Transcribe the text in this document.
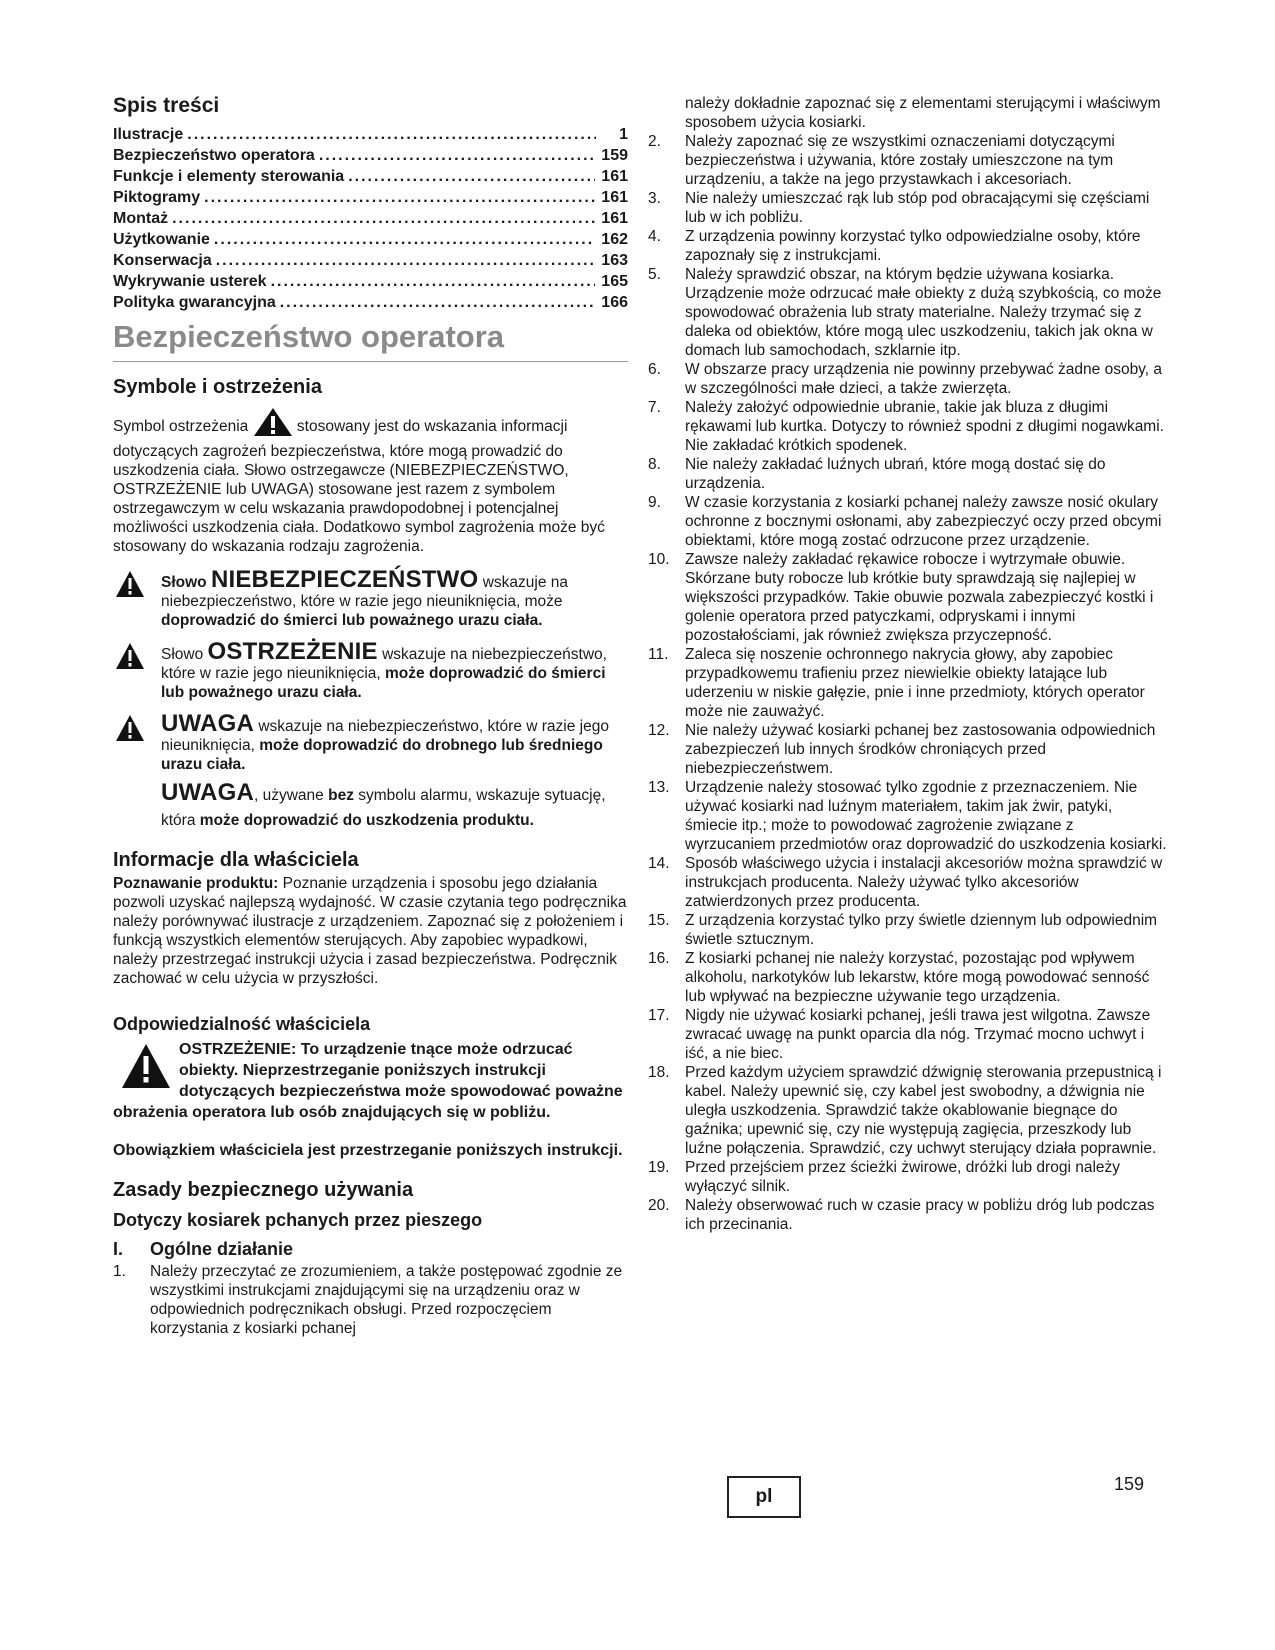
Spis treści
Ilustracje .....	1
Bezpieczeństwo operatora .....	159
Funkcje i elementy sterowania .....	161
Piktogramy .....	161
Montaż .....	161
Użytkowanie .....	162
Konserwacja .....	163
Wykrywanie usterek .....	165
Polityka gwarancyjna .....	166
Bezpieczeństwo operatora
Symbole i ostrzeżenia

Symbol ostrzeżenia	stosowany jest do wskazania informacji dotyczących zagrożeń bezpieczeństwa, które mogą prowadzić do uszkodzenia ciała. Słowo ostrzegawcze (NIEBEZPIECZEŃSTWO, OSTRZEŻENIE lub UWAGA) stosowane jest razem z symbolem ostrzegawczym w celu wskazania prawdopodobnej i potencjalnej możliwości uszkodzenia ciała. Dodatkowo symbol zagrożenia może być stosowany do wskazania rodzaju zagrożenia.

Słowo NIEBEZPIECZEŃSTWO wskazuje na niebezpieczeństwo, które w razie jego nieuniknięcia, może doprowadzić do śmierci lub poważnego urazu ciała.
Słowo OSTRZEŻENIE wskazuje na niebezpieczeństwo, które w razie jego nieuniknięcia, może doprowadzić do śmierci lub poważnego urazu ciała.
UWAGA wskazuje na niebezpieczeństwo, które w razie jego nieuniknięcia, może doprowadzić do drobnego lub średniego urazu ciała.
UWAGA, używane bez symbolu alarmu, wskazuje sytuację, która może doprowadzić do uszkodzenia produktu.
Informacje dla właściciela

Poznawanie produktu: Poznanie urządzenia i sposobu jego działania pozwoli uzyskać najlepszą wydajność. W czasie czytania tego podręcznika należy porównywać ilustracje z urządzeniem. Zapoznać się z położeniem i funkcją wszystkich elementów sterujących. Aby zapobiec wypadkowi, należy przestrzegać instrukcji użycia i zasad bezpieczeństwa. Podręcznik zachować w celu użycia w przyszłości.

Odpowiedzialność właściciela
OSTRZEŻENIE: To urządzenie tnące może odrzucać obiekty. Nieprzestrzeganie poniższych instrukcji dotyczących bezpieczeństwa może spowodować poważne obrażenia operatora lub osób znajdujących się w pobliżu.

Obowiązkiem właściciela jest przestrzeganie poniższych instrukcji.

Zasady bezpiecznego używania
Dotyczy kosiarek pchanych przez pieszego
I. Ogólne działanie
1.	Należy przeczytać ze zrozumieniem, a także postępować zgodnie ze wszystkimi instrukcjami znajdującymi się na urządzeniu oraz w odpowiednich podręcznikach obsługi. Przed rozpoczęciem korzystania z kosiarki pchanej
należy dokładnie zapoznać się z elementami sterującymi i właściwym sposobem użycia kosiarki.
2.	Należy zapoznać się ze wszystkimi oznaczeniami dotyczącymi bezpieczeństwa i używania, które zostały umieszczone na tym urządzeniu, a także na jego przystawkach i akcesoriach.
3.	Nie należy umieszczać rąk lub stóp pod obracającymi się częściami lub w ich pobliżu.
4.	Z urządzenia powinny korzystać tylko odpowiedzialne osoby, które zapoznały się z instrukcjami.
5.	Należy sprawdzić obszar, na którym będzie używana kosiarka. Urządzenie może odrzucać małe obiekty z dużą szybkością, co może spowodować obrażenia lub straty materialne. Należy trzymać się z daleka od obiektów, które mogą ulec uszkodzeniu, takich jak okna w domach lub samochodach, szklarnie itp.
6.	W obszarze pracy urządzenia nie powinny przebywać żadne osoby, a w szczególności małe dzieci, a także zwierzęta.
7.	Należy założyć odpowiednie ubranie, takie jak bluza z długimi rękawami lub kurtka. Dotyczy to również spodni z długimi nogawkami. Nie zakładać krótkich spodenek.
8.	Nie należy zakładać luźnych ubrań, które mogą dostać się do urządzenia.
9.	W czasie korzystania z kosiarki pchanej należy zawsze nosić okulary ochronne z bocznymi osłonami, aby zabezpieczyć oczy przed obcymi obiektami, które mogą zostać odrzucone przez urządzenie.
10. Zawsze należy zakładać rękawice robocze i wytrzymałe obuwie. Skórzane buty robocze lub krótkie buty sprawdzają się najlepiej w większości przypadków. Takie obuwie pozwala zabezpieczyć kostki i golenie operatora przed patyczkami, odpryskami i innymi pozostałościami, jak również zwiększa przyczepność.
11.	Zaleca się noszenie ochronnego nakrycia głowy, aby zapobiec przypadkowemu trafieniu przez niewielkie obiekty latające lub uderzeniu w niskie gałęzie, pnie i inne przedmioty, których operator może nie zauważyć.
12. Nie należy używać kosiarki pchanej bez zastosowania odpowiednich zabezpieczeń lub innych środków chroniących przed niebezpieczeństwem.
13. Urządzenie należy stosować tylko zgodnie z przeznaczeniem. Nie używać kosiarki nad luźnym materiałem, takim jak żwir, patyki, śmiecie itp.; może to powodować zagrożenie związane z wyrzucaniem przedmiotów oraz doprowadzić do uszkodzenia kosiarki.
14. Sposób właściwego użycia i instalacji akcesoriów można sprawdzić w instrukcjach producenta. Należy używać tylko akcesoriów zatwierdzonych przez producenta.
15. Z urządzenia korzystać tylko przy świetle dziennym lub odpowiednim świetle sztucznym.
16. Z kosiarki pchanej nie należy korzystać, pozostając pod wpływem alkoholu, narkotyków lub lekarstw, które mogą powodować senność lub wpływać na bezpieczne używanie tego urządzenia.
17. Nigdy nie używać kosiarki pchanej, jeśli trawa jest wilgotna. Zawsze zwracać uwagę na punkt oparcia dla nóg. Trzymać mocno uchwyt i iść, a nie biec.
18. Przed każdym użyciem sprawdzić dźwignię sterowania przepustnicą i kabel. Należy upewnić się, czy kabel jest swobodny, a dźwignia nie uległa uszkodzenia. Sprawdzić także okablowanie biegnące do gaźnika; upewnić się, czy nie występują zagięcia, przeszkody lub luźne połączenia. Sprawdzić, czy uchwyt sterujący działa poprawnie.
19. Przed przejściem przez ścieżki żwirowe, dróżki lub drogi należy wyłączyć silnik.
20. Należy obserwować ruch w czasie pracy w pobliżu dróg lub podczas ich przecinania.
pl
159
